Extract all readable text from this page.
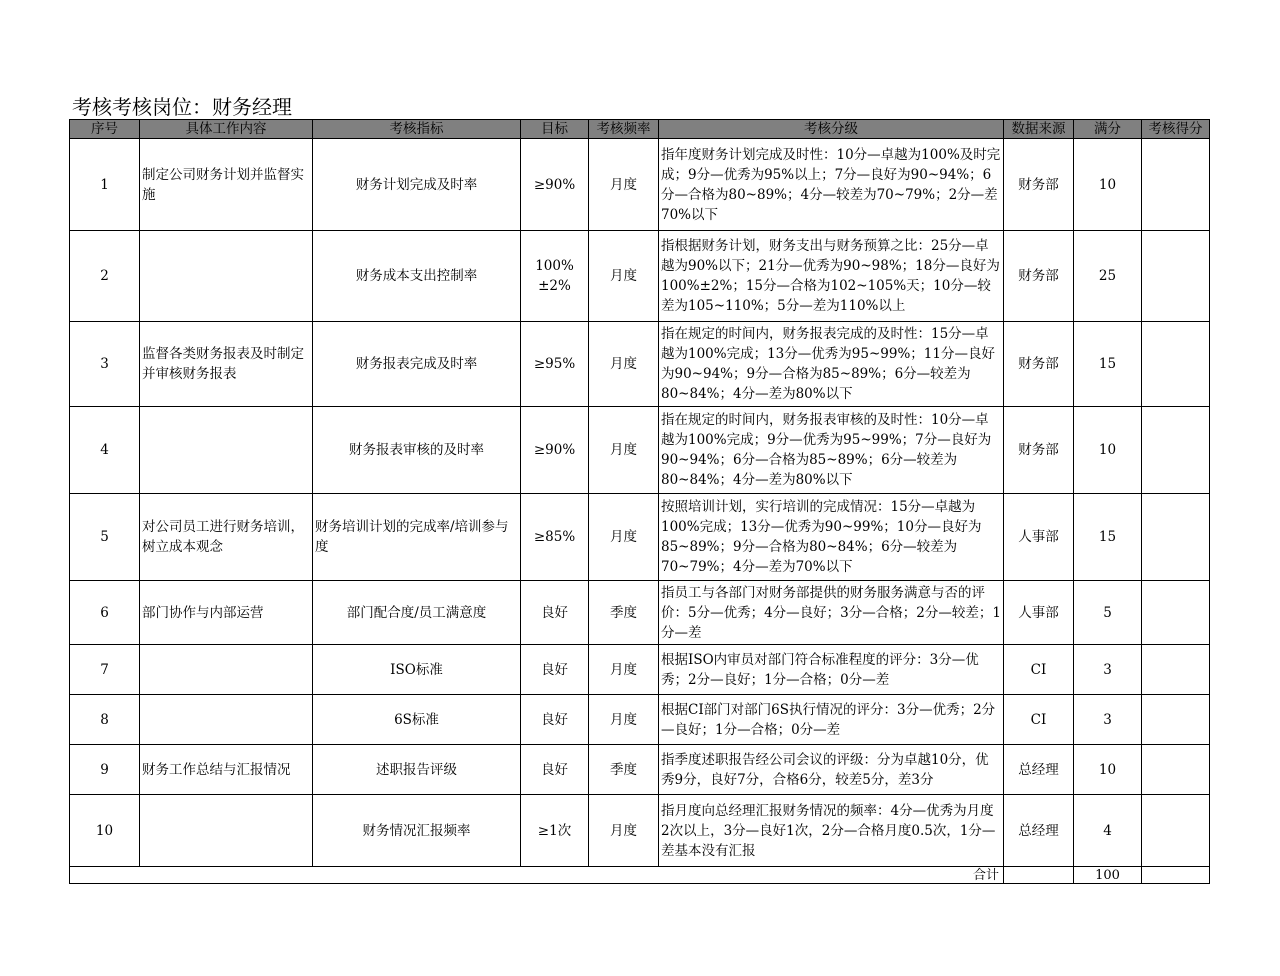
考核考核岗位：财务经理
序号	具体工作内容	考核指标	目标	考核频率	考核分级	数据来源	满分	考核得分
1	制定公司财务计划并监督实施	财务计划完成及时率	≥90%	月度	指年度财务计划完成及时性：10分—卓越为100%及时完成；9分—优秀为95%以上；7分—良好为90~94%；6分—合格为80~89%；4分—较差为70~79%；2分—差70%以下	财务部	10	
2		财务成本支出控制率	100%±2%	月度	指根据财务计划，财务支出与财务预算之比：25分—卓越为90%以下；21分—优秀为90~98%；18分—良好为100%±2%；15分—合格为102~105%天；10分—较差为105~110%；5分—差为110%以上	财务部	25	
3	监督各类财务报表及时制定并审核财务报表	财务报表完成及时率	≥95%	月度	指在规定的时间内，财务报表完成的及时性：15分—卓越为100%完成；13分—优秀为95~99%；11分—良好为90~94%；9分—合格为85~89%；6分—较差为80~84%；4分—差为80%以下	财务部	15	
4		财务报表审核的及时率	≥90%	月度	指在规定的时间内，财务报表审核的及时性：10分—卓越为100%完成；9分—优秀为95~99%；7分—良好为90~94%；6分—合格为85~89%；6分—较差为80~84%；4分—差为80%以下	财务部	10	
5	对公司员工进行财务培训，树立成本观念	财务培训计划的完成率/培训参与度	≥85%	月度	按照培训计划，实行培训的完成情况：15分—卓越为100%完成；13分—优秀为90~99%；10分—良好为85~89%；9分—合格为80~84%；6分—较差为70~79%；4分—差为70%以下	人事部	15	
6	部门协作与内部运营	部门配合度/员工满意度	良好	季度	指员工与各部门对财务部提供的财务服务满意与否的评价：5分—优秀；4分—良好；3分—合格；2分—较差；1分—差	人事部	5	
7		ISO标准	良好	月度	根据ISO内审员对部门符合标准程度的评分：3分—优秀；2分—良好；1分—合格；0分—差	CI	3	
8		6S标准	良好	月度	根据CI部门对部门6S执行情况的评分：3分—优秀；2分—良好；1分—合格；0分—差	CI	3	
9	财务工作总结与汇报情况	述职报告评级	良好	季度	指季度述职报告经公司会议的评级：分为卓越10分，优秀9分，良好7分，合格6分，较差5分，差3分	总经理	10	
10		财务情况汇报频率	≥1次	月度	指月度向总经理汇报财务情况的频率：4分—优秀为月度2次以上，3分—良好1次，2分—合格月度0.5次，1分—差基本没有汇报	总经理	4	
合计							100	
